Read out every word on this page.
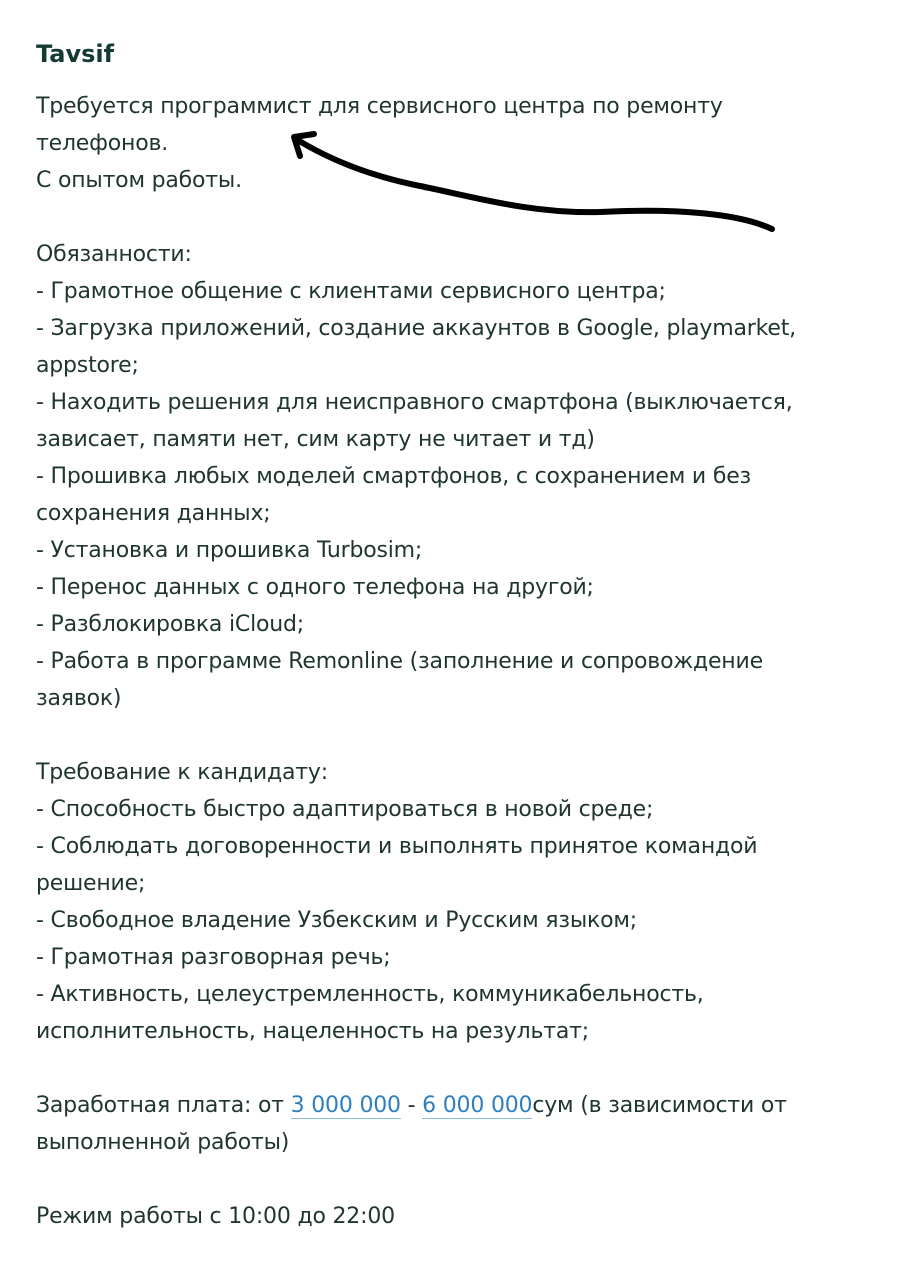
Tavsif
Требуется программист для сервисного центра по ремонту
телефонов.
С опытом работы.
Обязанности:
- Грамотное общение с клиентами сервисного центра;
- Загрузка приложений, создание аккаунтов в Google, playmarket,
appstore;
- Находить решения для неисправного смартфона (выключается,
зависает, памяти нет, сим карту не читает и тд)
- Прошивка любых моделей смартфонов, с сохранением и без
сохранения данных;
- Установка и прошивка Turbosim;
- Перенос данных с одного телефона на другой;
- Разблокировка iCloud;
- Работа в программе Remonline (заполнение и сопровождение
заявок)
Требование к кандидату:
- Способность быстро адаптироваться в новой среде;
- Соблюдать договоренности и выполнять принятое командой
решение;
- Свободное владение Узбекским и Русским языком;
- Грамотная разговорная речь;
- Активность, целеустремленность, коммуникабельность,
исполнительность, нацеленность на результат;
Заработная плата: от 3 000 000 - 6 000 000сум (в зависимости от
выполненной работы)
Режим работы с 10:00 до 22:00
